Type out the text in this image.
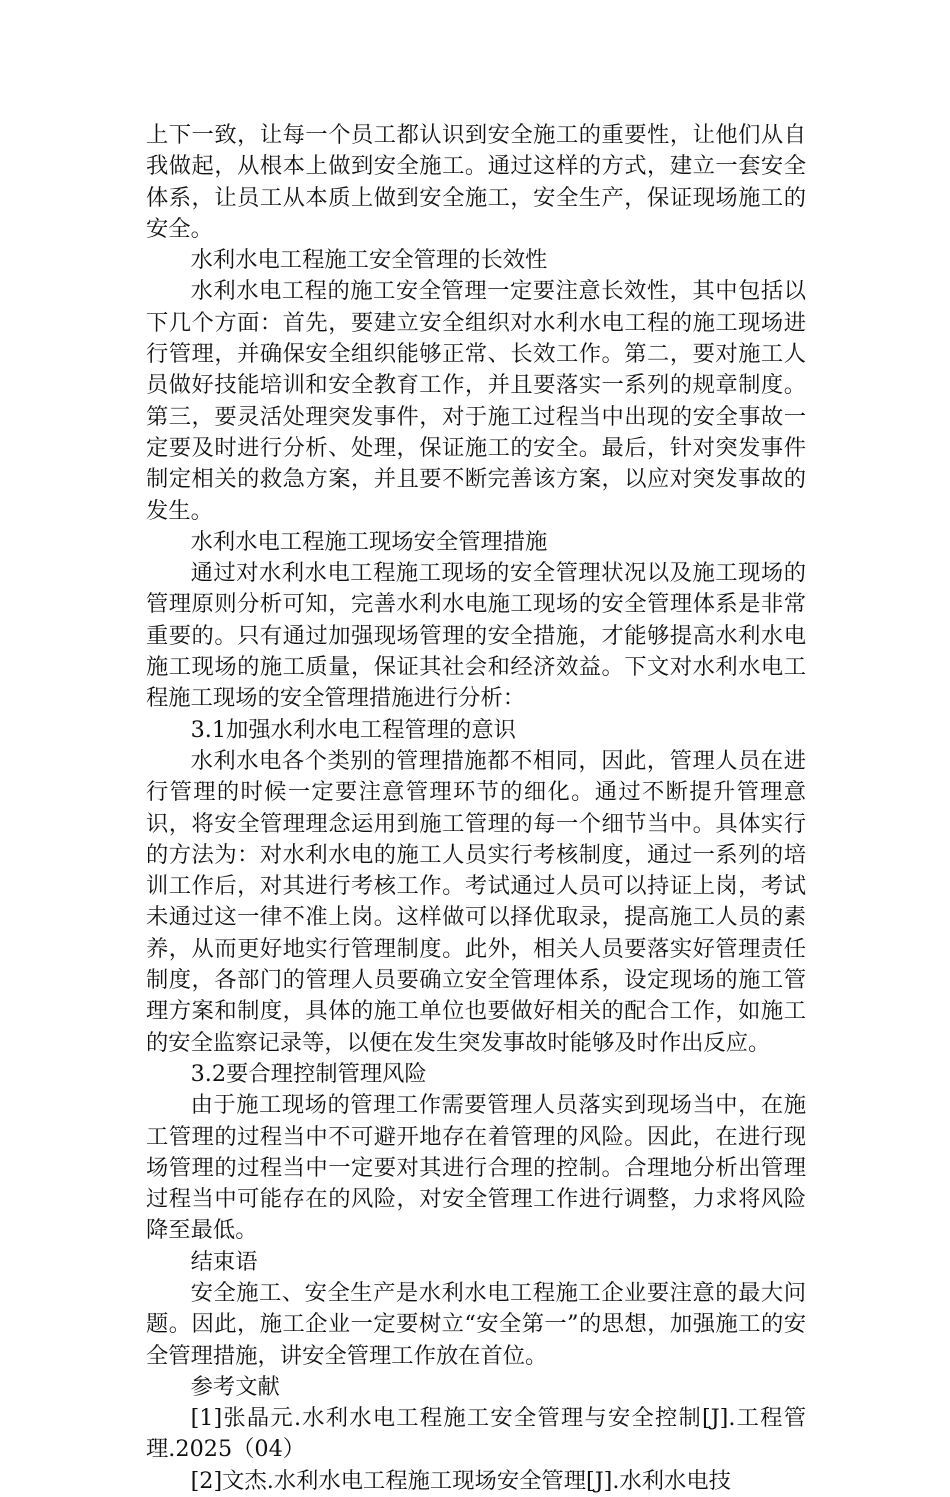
上下一致，让每一个员工都认识到安全施工的重要性，让他们从自我做起，从根本上做到安全施工。通过这样的方式，建立一套安全体系，让员工从本质上做到安全施工，安全生产，保证现场施工的安全。

水利水电工程施工安全管理的长效性

水利水电工程的施工安全管理一定要注意长效性，其中包括以下几个方面：首先，要建立安全组织对水利水电工程的施工现场进行管理，并确保安全组织能够正常、长效工作。第二，要对施工人员做好技能培训和安全教育工作，并且要落实一系列的规章制度。第三，要灵活处理突发事件，对于施工过程当中出现的安全事故一定要及时进行分析、处理，保证施工的安全。最后，针对突发事件制定相关的救急方案，并且要不断完善该方案，以应对突发事故的发生。

水利水电工程施工现场安全管理措施

通过对水利水电工程施工现场的安全管理状况以及施工现场的管理原则分析可知，完善水利水电施工现场的安全管理体系是非常重要的。只有通过加强现场管理的安全措施，才能够提高水利水电施工现场的施工质量，保证其社会和经济效益。下文对水利水电工程施工现场的安全管理措施进行分析：

3.1加强水利水电工程管理的意识

水利水电各个类别的管理措施都不相同，因此，管理人员在进行管理的时候一定要注意管理环节的细化。通过不断提升管理意识，将安全管理理念运用到施工管理的每一个细节当中。具体实行的方法为：对水利水电的施工人员实行考核制度，通过一系列的培训工作后，对其进行考核工作。考试通过人员可以持证上岗，考试未通过这一律不准上岗。这样做可以择优取录，提高施工人员的素养，从而更好地实行管理制度。此外，相关人员要落实好管理责任制度，各部门的管理人员要确立安全管理体系，设定现场的施工管理方案和制度，具体的施工单位也要做好相关的配合工作，如施工的安全监察记录等，以便在发生突发事故时能够及时作出反应。

3.2要合理控制管理风险

由于施工现场的管理工作需要管理人员落实到现场当中，在施工管理的过程当中不可避开地存在着管理的风险。因此，在进行现场管理的过程当中一定要对其进行合理的控制。合理地分析出管理过程当中可能存在的风险，对安全管理工作进行调整，力求将风险降至最低。

结束语

安全施工、安全生产是水利水电工程施工企业要注意的最大问题。因此，施工企业一定要树立“安全第一”的思想，加强施工的安全管理措施，讲安全管理工作放在首位。

参考文献

[1]张晶元.水利水电工程施工安全管理与安全控制[J].工程管理.2025（04）

[2]文杰.水利水电工程施工现场安全管理[J].水利水电技
